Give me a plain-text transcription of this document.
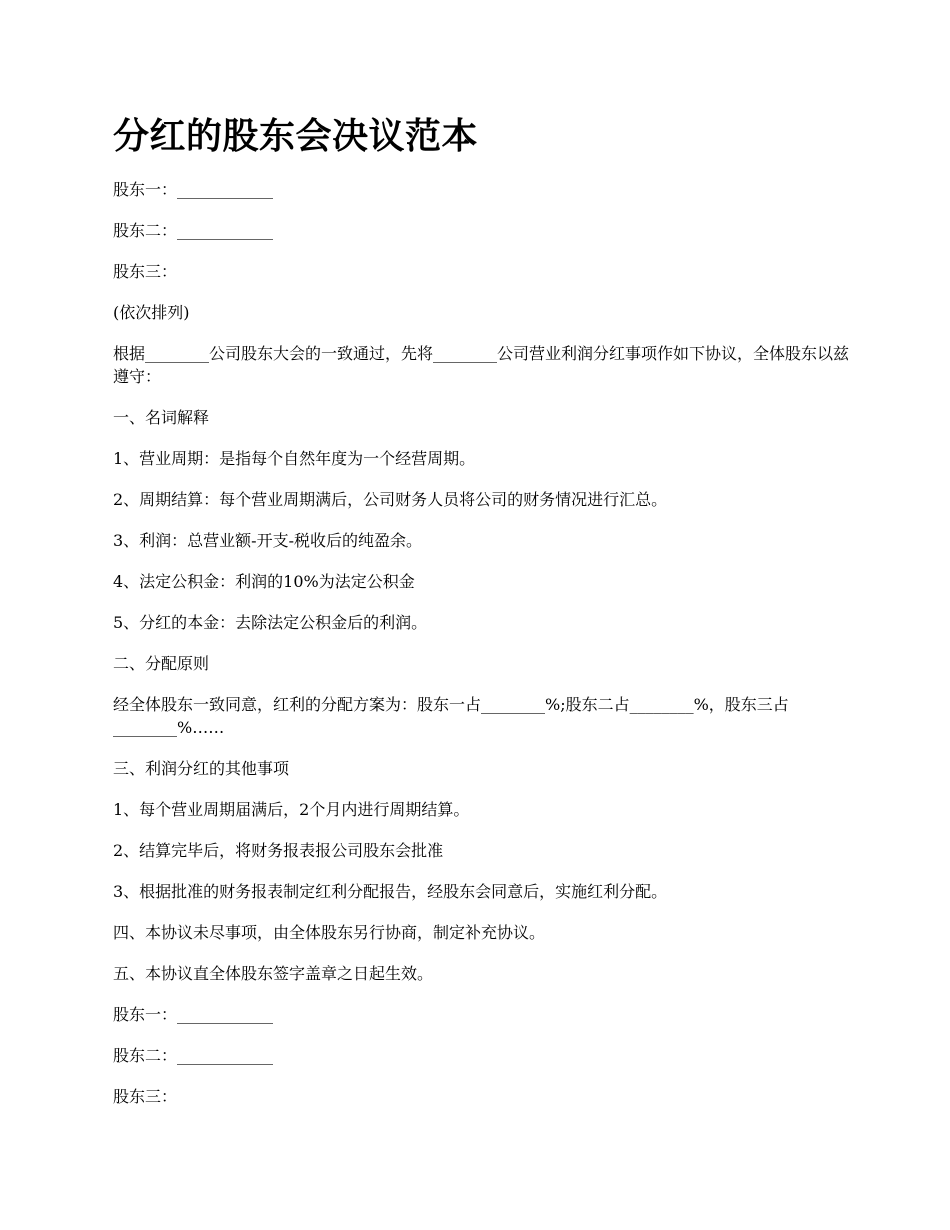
分红的股东会决议范本

股东一：____________

股东二：____________

股东三：

(依次排列)

根据________公司股东大会的一致通过，先将________公司营业利润分红事项作如下协议，全体股东以兹遵守：

一、名词解释

1、营业周期：是指每个自然年度为一个经营周期。

2、周期结算：每个营业周期满后，公司财务人员将公司的财务情况进行汇总。

3、利润：总营业额-开支-税收后的纯盈余。

4、法定公积金：利润的10%为法定公积金

5、分红的本金：去除法定公积金后的利润。

二、分配原则

经全体股东一致同意，红利的分配方案为：股东一占________%;股东二占________%，股东三占________%……

三、利润分红的其他事项

1、每个营业周期届满后，2个月内进行周期结算。

2、结算完毕后，将财务报表报公司股东会批准

3、根据批准的财务报表制定红利分配报告，经股东会同意后，实施红利分配。

四、本协议未尽事项，由全体股东另行协商，制定补充协议。

五、本协议直全体股东签字盖章之日起生效。

股东一：____________

股东二：____________

股东三：
